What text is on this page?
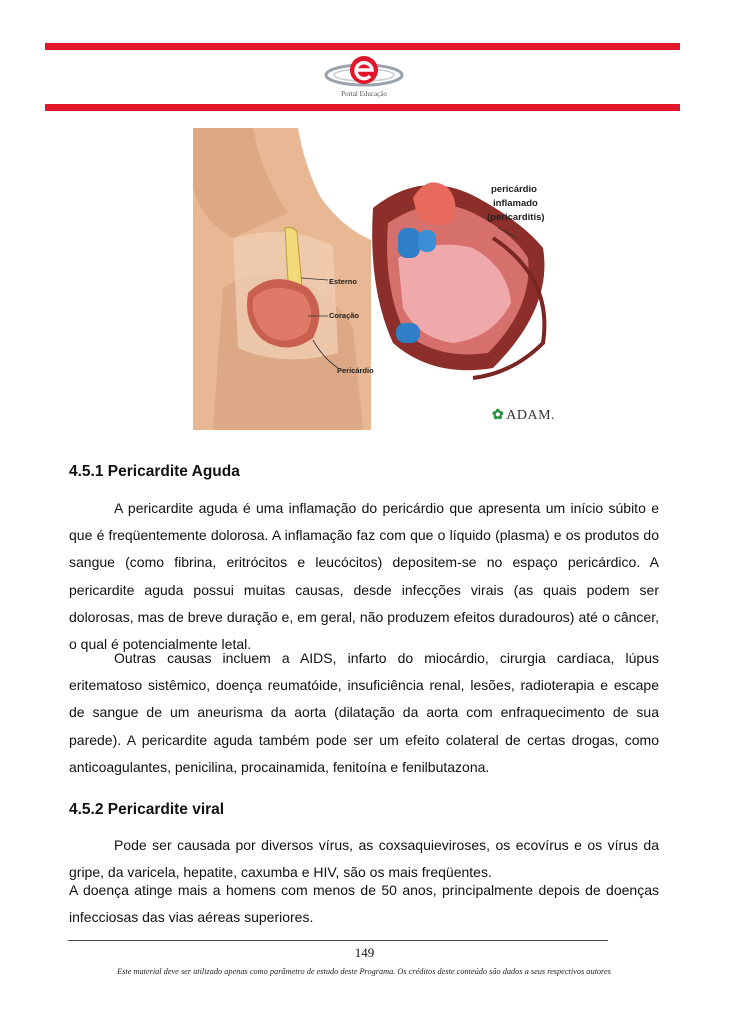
Portal Educação
Esterno
Coração
Pericárdio
pericárdio
inflamado
(pericarditis)
✿ ADAM.
4.5.1 Pericardite Aguda

A pericardite aguda é uma inflamação do pericárdio que apresenta um início súbito e que é freqüentemente dolorosa. A inflamação faz com que o líquido (plasma) e os produtos do sangue (como fibrina, eritrócitos e leucócitos) depositem-se no espaço pericárdico. A pericardite aguda possui muitas causas, desde infecções virais (as quais podem ser dolorosas, mas de breve duração e, em geral, não produzem efeitos duradouros) até o câncer, o qual é potencialmente letal.

Outras causas incluem a AIDS, infarto do miocárdio, cirurgia cardíaca, lúpus eritematoso sistêmico, doença reumatóide, insuficiência renal, lesões, radioterapia e escape de sangue de um aneurisma da aorta (dilatação da aorta com enfraquecimento de sua parede). A pericardite aguda também pode ser um efeito colateral de certas drogas, como anticoagulantes, penicilina, procainamida, fenitoína e fenilbutazona.

4.5.2 Pericardite viral

Pode ser causada por diversos vírus, as coxsaquieviroses, os ecovírus e os vírus da gripe, da varicela, hepatite, caxumba e HIV, são os mais freqüentes.

A doença atinge mais a homens com menos de 50 anos, principalmente depois de doenças infecciosas das vias aéreas superiores.

149
Este material deve ser utilizado apenas como parâmetro de estudo deste Programa. Os créditos deste conteúdo são dados a seus respectivos autores
